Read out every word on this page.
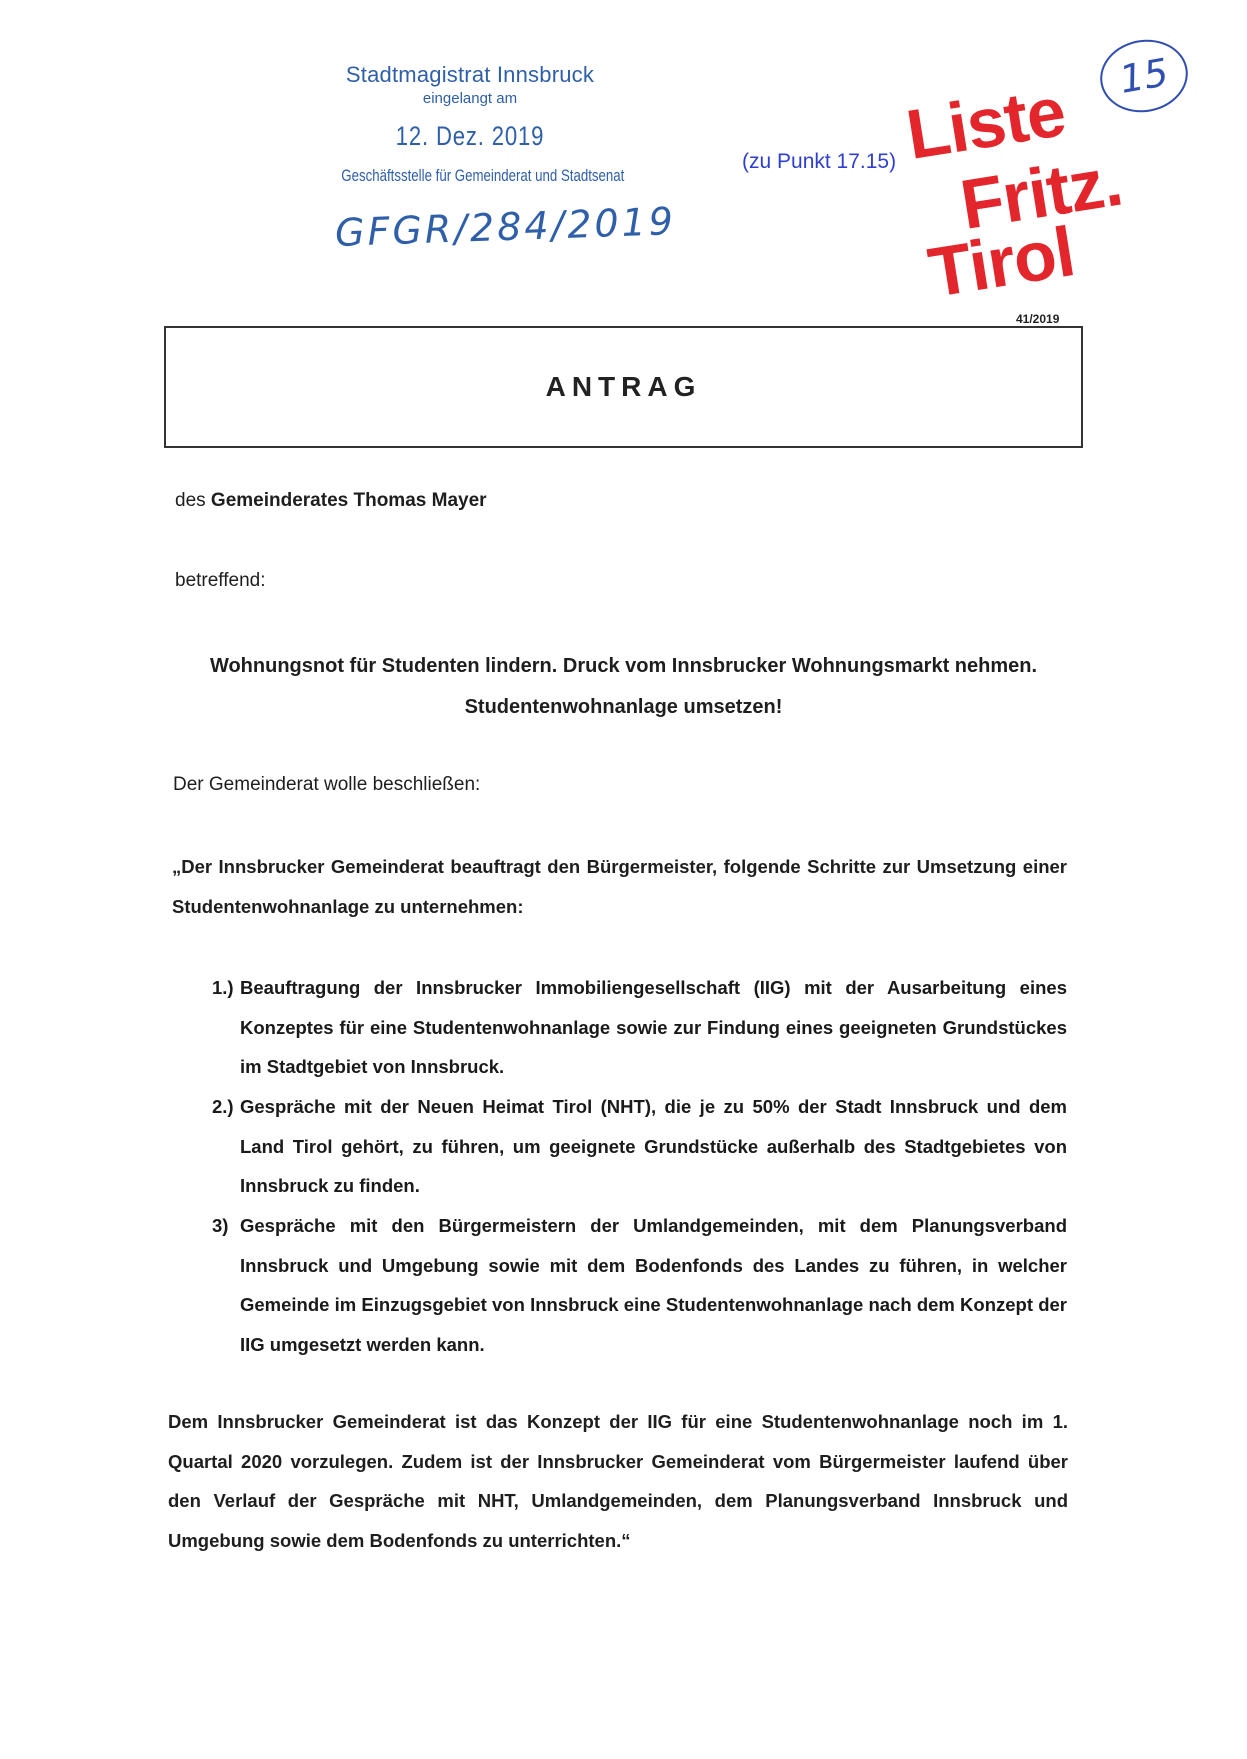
Stadtmagistrat Innsbruck
eingelangt am
12. Dez. 2019
Geschäftsstelle für Gemeinderat und Stadtsenat
GFGR/284/2019
(zu Punkt 17.15) Liste
Fritz.
Tirol
15
41/2019
ANTRAG
des Gemeinderates Thomas Mayer
betreffend:
Wohnungsnot für Studenten lindern. Druck vom Innsbrucker Wohnungsmarkt nehmen.
Studentenwohnanlage umsetzen!
Der Gemeinderat wolle beschließen:
„Der Innsbrucker Gemeinderat beauftragt den Bürgermeister, folgende Schritte zur Umsetzung einer Studentenwohnanlage zu unternehmen:
1.) Beauftragung der Innsbrucker Immobiliengesellschaft (IIG) mit der Ausarbeitung eines Konzeptes für eine Studentenwohnanlage sowie zur Findung eines geeigneten Grundstückes im Stadtgebiet von Innsbruck.
2.) Gespräche mit der Neuen Heimat Tirol (NHT), die je zu 50% der Stadt Innsbruck und dem Land Tirol gehört, zu führen, um geeignete Grundstücke außerhalb des Stadtgebietes von Innsbruck zu finden.
3) Gespräche mit den Bürgermeistern der Umlandgemeinden, mit dem Planungsverband Innsbruck und Umgebung sowie mit dem Bodenfonds des Landes zu führen, in welcher Gemeinde im Einzugsgebiet von Innsbruck eine Studentenwohnanlage nach dem Konzept der IIG umgesetzt werden kann.
Dem Innsbrucker Gemeinderat ist das Konzept der IIG für eine Studentenwohnanlage noch im 1. Quartal 2020 vorzulegen. Zudem ist der Innsbrucker Gemeinderat vom Bürgermeister laufend über den Verlauf der Gespräche mit NHT, Umlandgemeinden, dem Planungsverband Innsbruck und Umgebung sowie dem Bodenfonds zu unterrichten.“
